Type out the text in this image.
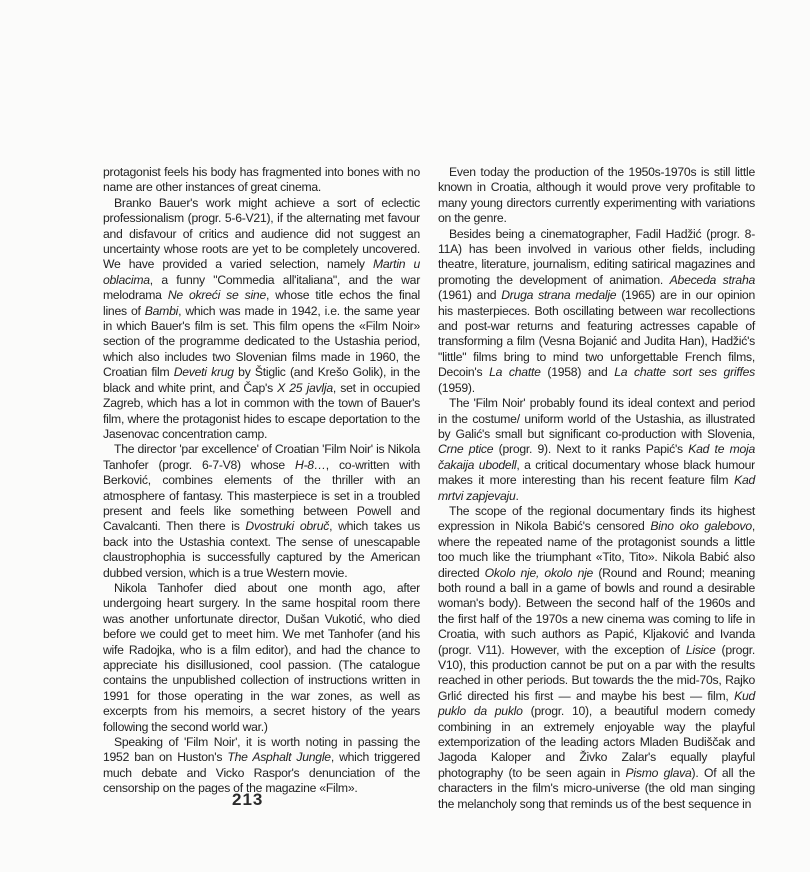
protagonist feels his body has fragmented into bones with no name are other instances of great cinema.

Branko Bauer's work might achieve a sort of eclectic professionalism (progr. 5-6-V21), if the alternating met favour and disfavour of critics and audience did not suggest an uncertainty whose roots are yet to be completely uncovered. We have provided a varied selection, namely Martin u oblacima, a funny "Commedia all'italiana", and the war melodrama Ne okreći se sine, whose title echos the final lines of Bambi, which was made in 1942, i.e. the same year in which Bauer's film is set. This film opens the «Film Noir» section of the programme dedicated to the Ustashia period, which also includes two Slovenian films made in 1960, the Croatian film Deveti krug by Štiglic (and Krešo Golik), in the black and white print, and Čap's X 25 javlja, set in occupied Zagreb, which has a lot in common with the town of Bauer's film, where the protagonist hides to escape deportation to the Jasenovac concentration camp.

The director 'par excellence' of Croatian 'Film Noir' is Nikola Tanhofer (progr. 6-7-V8) whose H-8…, co-written with Berković, combines elements of the thriller with an atmosphere of fantasy. This masterpiece is set in a troubled present and feels like something between Powell and Cavalcanti. Then there is Dvostruki obruč, which takes us back into the Ustashia context. The sense of unescapable claustrophophia is successfully captured by the American dubbed version, which is a true Western movie.

Nikola Tanhofer died about one month ago, after undergoing heart surgery. In the same hospital room there was another unfortunate director, Dušan Vukotić, who died before we could get to meet him. We met Tanhofer (and his wife Radojka, who is a film editor), and had the chance to appreciate his disillusioned, cool passion. (The catalogue contains the unpublished collection of instructions written in 1991 for those operating in the war zones, as well as excerpts from his memoirs, a secret history of the years following the second world war.)

Speaking of 'Film Noir', it is worth noting in passing the 1952 ban on Huston's The Asphalt Jungle, which triggered much debate and Vicko Raspor's denunciation of the censorship on the pages of the magazine «Film».

Even today the production of the 1950s-1970s is still little known in Croatia, although it would prove very profitable to many young directors currently experimenting with variations on the genre.

Besides being a cinematographer, Fadil Hadžić (progr. 8-11A) has been involved in various other fields, including theatre, literature, journalism, editing satirical magazines and promoting the development of animation. Abeceda straha (1961) and Druga strana medalje (1965) are in our opinion his masterpieces. Both oscillating between war recollections and post-war returns and featuring actresses capable of transforming a film (Vesna Bojanić and Judita Han), Hadžić's "little" films bring to mind two unforgettable French films, Decoin's La chatte (1958) and La chatte sort ses griffes (1959).

The 'Film Noir' probably found its ideal context and period in the costume/ uniform world of the Ustashia, as illustrated by Galić's small but significant co-production with Slovenia, Crne ptice (progr. 9). Next to it ranks Papić's Kad te moja čakaija ubodell, a critical documentary whose black humour makes it more interesting than his recent feature film Kad mrtvi zapjevaju.

The scope of the regional documentary finds its highest expression in Nikola Babić's censored Bino oko galebovo, where the repeated name of the protagonist sounds a little too much like the triumphant «Tito, Tito». Nikola Babić also directed Okolo nje, okolo nje (Round and Round; meaning both round a ball in a game of bowls and round a desirable woman's body). Between the second half of the 1960s and the first half of the 1970s a new cinema was coming to life in Croatia, with such authors as Papić, Kljaković and Ivanda (progr. V11). However, with the exception of Lisice (progr. V10), this production cannot be put on a par with the results reached in other periods. But towards the the mid-70s, Rajko Grlić directed his first — and maybe his best — film, Kud puklo da puklo (progr. 10), a beautiful modern comedy combining in an extremely enjoyable way the playful extemporization of the leading actors Mladen Budiščak and Jagoda Kaloper and Živko Zalar's equally playful photography (to be seen again in Pismo glava). Of all the characters in the film's micro-universe (the old man singing the melancholy song that reminds us of the best sequence in

213
